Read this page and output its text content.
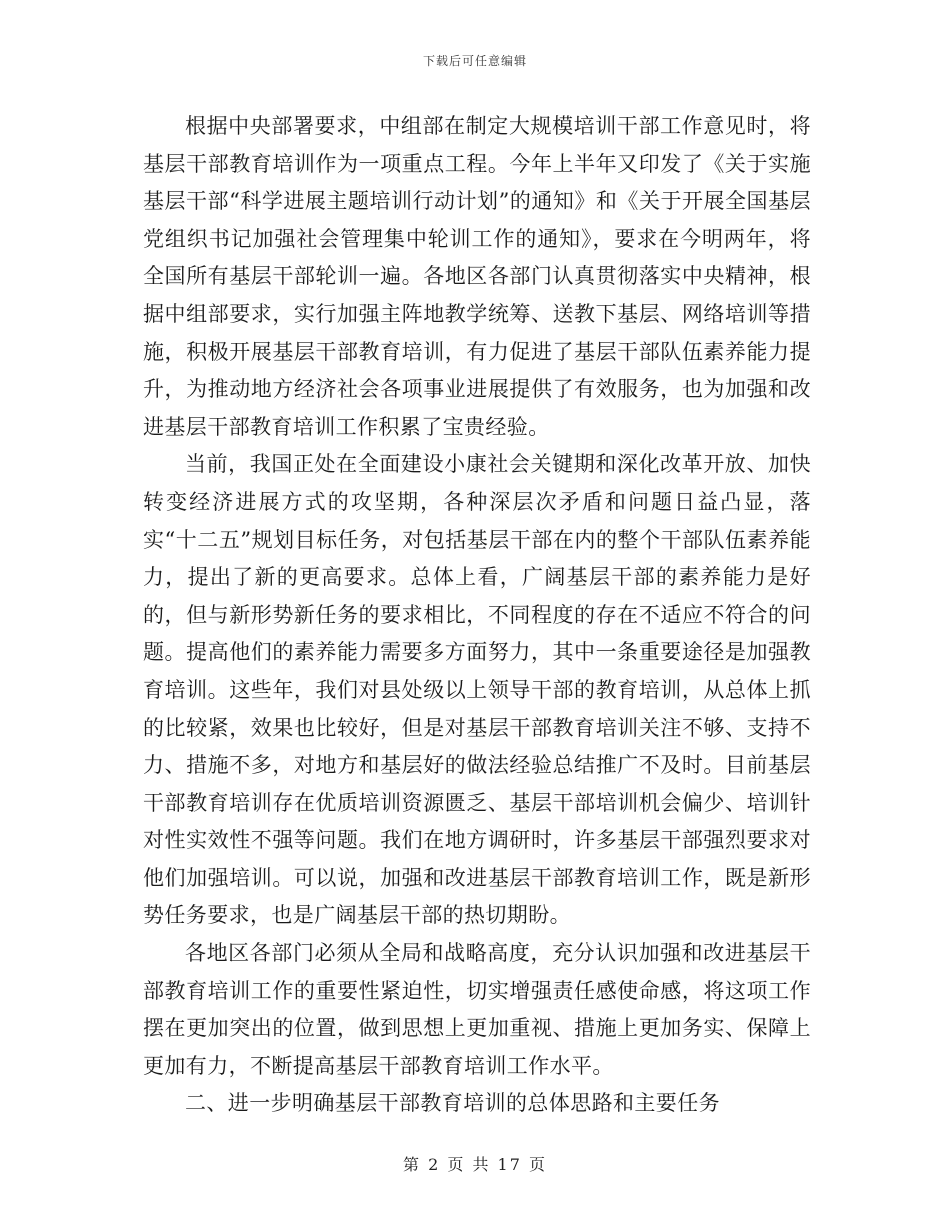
下载后可任意编辑

根据中央部署要求，中组部在制定大规模培训干部工作意见时，将基层干部教育培训作为一项重点工程。今年上半年又印发了《关于实施基层干部“科学进展主题培训行动计划”的通知》和《关于开展全国基层党组织书记加强社会管理集中轮训工作的通知》，要求在今明两年，将全国所有基层干部轮训一遍。各地区各部门认真贯彻落实中央精神，根据中组部要求，实行加强主阵地教学统筹、送教下基层、网络培训等措施，积极开展基层干部教育培训，有力促进了基层干部队伍素养能力提升，为推动地方经济社会各项事业进展提供了有效服务，也为加强和改进基层干部教育培训工作积累了宝贵经验。

当前，我国正处在全面建设小康社会关键期和深化改革开放、加快转变经济进展方式的攻坚期，各种深层次矛盾和问题日益凸显，落实“十二五”规划目标任务，对包括基层干部在内的整个干部队伍素养能力，提出了新的更高要求。总体上看，广阔基层干部的素养能力是好的，但与新形势新任务的要求相比，不同程度的存在不适应不符合的问题。提高他们的素养能力需要多方面努力，其中一条重要途径是加强教育培训。这些年，我们对县处级以上领导干部的教育培训，从总体上抓的比较紧，效果也比较好，但是对基层干部教育培训关注不够、支持不力、措施不多，对地方和基层好的做法经验总结推广不及时。目前基层干部教育培训存在优质培训资源匮乏、基层干部培训机会偏少、培训针对性实效性不强等问题。我们在地方调研时，许多基层干部强烈要求对他们加强培训。可以说，加强和改进基层干部教育培训工作，既是新形势任务要求，也是广阔基层干部的热切期盼。

各地区各部门必须从全局和战略高度，充分认识加强和改进基层干部教育培训工作的重要性紧迫性，切实增强责任感使命感，将这项工作摆在更加突出的位置，做到思想上更加重视、措施上更加务实、保障上更加有力，不断提高基层干部教育培训工作水平。

二、进一步明确基层干部教育培训的总体思路和主要任务

第 2 页 共 17 页
